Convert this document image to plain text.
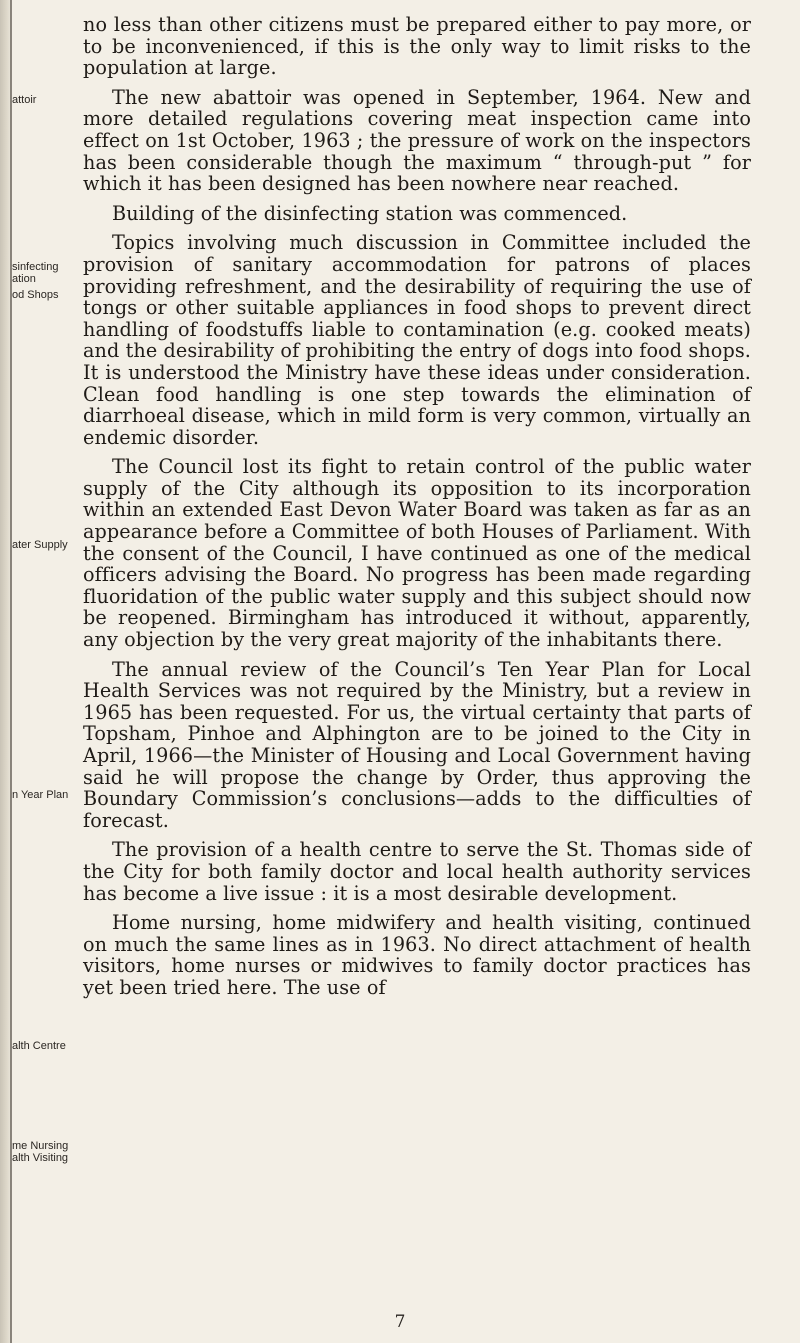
attoir
sinfecting
ation
od Shops
ater Supply
n Year Plan
alth Centre
me Nursing
alth Visiting

no less than other citizens must be prepared either to pay more, or to be inconvenienced, if this is the only way to limit risks to the population at large.

The new abattoir was opened in September, 1964. New and more detailed regulations covering meat inspection came into effect on 1st October, 1963 ; the pressure of work on the inspectors has been considerable though the maximum “ through-put ” for which it has been designed has been nowhere near reached.

Building of the disinfecting station was commenced.

Topics involving much discussion in Committee included the provision of sanitary accommodation for patrons of places providing refreshment, and the desirability of requiring the use of tongs or other suitable appliances in food shops to prevent direct handling of foodstuffs liable to contamination (e.g. cooked meats) and the desirability of prohibiting the entry of dogs into food shops. It is understood the Ministry have these ideas under consideration. Clean food handling is one step towards the elimination of diarrhoeal disease, which in mild form is very common, virtually an endemic disorder.

The Council lost its fight to retain control of the public water supply of the City although its opposition to its incorporation within an extended East Devon Water Board was taken as far as an appearance before a Committee of both Houses of Parliament. With the consent of the Council, I have continued as one of the medical officers advising the Board. No progress has been made regarding fluoridation of the public water supply and this subject should now be reopened. Birmingham has introduced it without, apparently, any objection by the very great majority of the inhabitants there.

The annual review of the Council’s Ten Year Plan for Local Health Services was not required by the Ministry, but a review in 1965 has been requested. For us, the virtual certainty that parts of Topsham, Pinhoe and Alphington are to be joined to the City in April, 1966—the Minister of Housing and Local Government having said he will propose the change by Order, thus approving the Boundary Commission’s conclusions—adds to the difficulties of forecast.

The provision of a health centre to serve the St. Thomas side of the City for both family doctor and local health authority services has become a live issue : it is a most desirable development.

Home nursing, home midwifery and health visiting, continued on much the same lines as in 1963. No direct attachment of health visitors, home nurses or midwives to family doctor practices has yet been tried here. The use of

7
